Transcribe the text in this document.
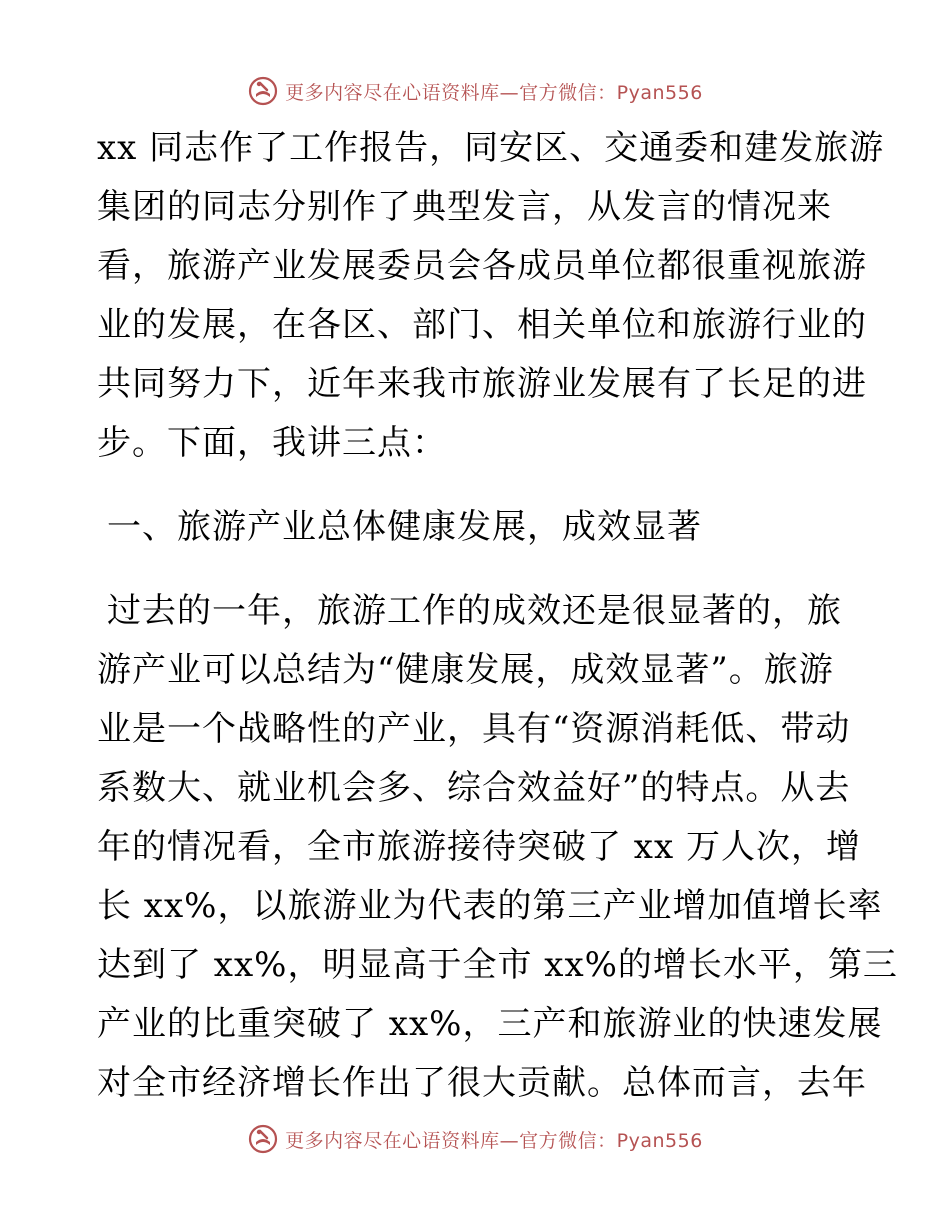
更多内容尽在心语资料库—官方微信：Pyan556
xx 同志作了工作报告，同安区、交通委和建发旅游
集团的同志分别作了典型发言，从发言的情况来
看，旅游产业发展委员会各成员单位都很重视旅游
业的发展，在各区、部门、相关单位和旅游行业的
共同努力下，近年来我市旅游业发展有了长足的进
步。下面，我讲三点：
一、旅游产业总体健康发展，成效显著
过去的一年，旅游工作的成效还是很显著的，旅
游产业可以总结为“健康发展，成效显著”。旅游
业是一个战略性的产业，具有“资源消耗低、带动
系数大、就业机会多、综合效益好”的特点。从去
年的情况看，全市旅游接待突破了 xx 万人次，增
长 xx%，以旅游业为代表的第三产业增加值增长率
达到了 xx%，明显高于全市 xx%的增长水平，第三
产业的比重突破了 xx%，三产和旅游业的快速发展
对全市经济增长作出了很大贡献。总体而言，去年
更多内容尽在心语资料库—官方微信：Pyan556
